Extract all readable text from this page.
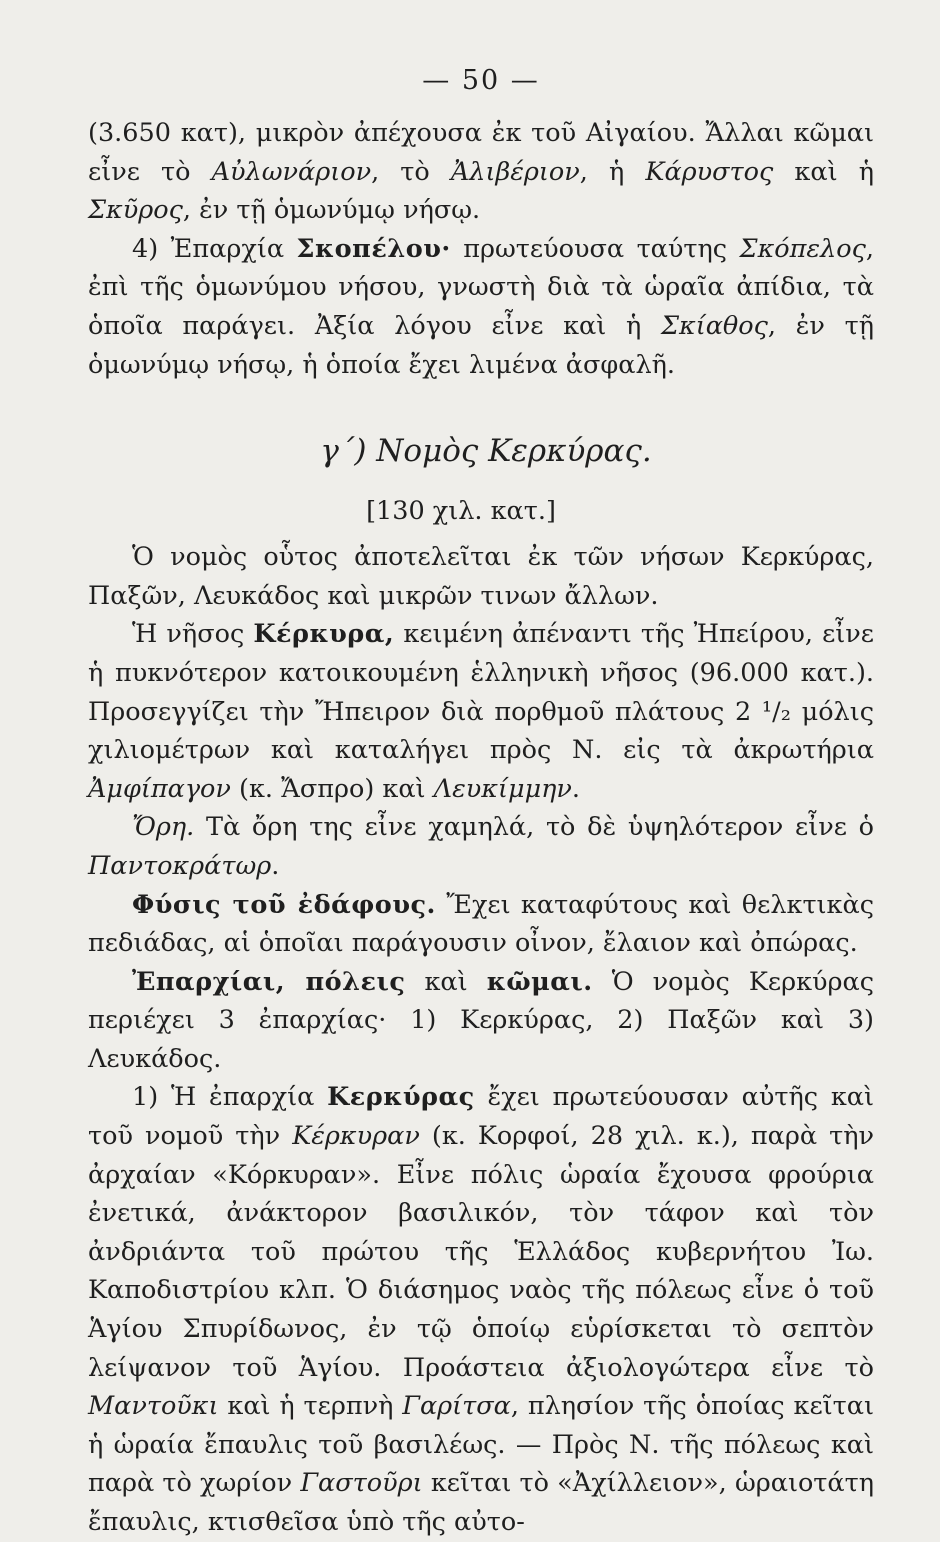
— 50 —

(3.650 κατ), μικρὸν ἀπέχουσα ἐκ τοῦ Αἰγαίου. Ἄλλαι κῶμαι εἶνε τὸ Αὐλωνάριον, τὸ Ἀλιβέριον, ἡ Κάρυστος καὶ ἡ Σκῦρος, ἐν τῇ ὁμωνύμῳ νήσῳ.

4) Ἐπαρχία Σκοπέλου· πρωτεύουσα ταύτης Σκόπελος, ἐπὶ τῆς ὁμωνύμου νήσου, γνωστὴ διὰ τὰ ὡραῖα ἀπίδια, τὰ ὁποῖα παράγει. Ἀξία λόγου εἶνε καὶ ἡ Σκίαθος, ἐν τῇ ὁμωνύμῳ νήσῳ, ἡ ὁποία ἔχει λιμένα ἀσφαλῆ.

γ΄) Νομὸς Κερκύρας.
[130 χιλ. κατ.]

Ὁ νομὸς οὗτος ἀποτελεῖται ἐκ τῶν νήσων Κερκύρας, Παξῶν, Λευκάδος καὶ μικρῶν τινων ἄλλων.

Ἡ νῆσος Κέρκυρα, κειμένη ἀπέναντι τῆς Ἠπείρου, εἶνε ἡ πυκνότερον κατοικουμένη ἑλληνικὴ νῆσος (96.000 κατ.). Προσεγγίζει τὴν Ἤπειρον διὰ πορθμοῦ πλάτους 2 ¹/₂ μόλις χιλιομέτρων καὶ καταλήγει πρὸς Ν. εἰς τὰ ἀκρωτήρια Ἀμφίπαγον (κ. Ἄσπρο) καὶ Λευκίμμην.

Ὄρη. Τὰ ὄρη της εἶνε χαμηλά, τὸ δὲ ὑψηλότερον εἶνε ὁ Παντοκράτωρ.

Φύσις τοῦ ἐδάφους. Ἔχει καταφύτους καὶ θελκτικὰς πεδιάδας, αἱ ὁποῖαι παράγουσιν οἶνον, ἔλαιον καὶ ὀπώρας.

Ἐπαρχίαι, πόλεις καὶ κῶμαι. Ὁ νομὸς Κερκύρας περιέχει 3 ἐπαρχίας· 1) Κερκύρας, 2) Παξῶν καὶ 3) Λευκάδος.

1) Ἡ ἐπαρχία Κερκύρας ἔχει πρωτεύουσαν αὐτῆς καὶ τοῦ νομοῦ τὴν Κέρκυραν (κ. Κορφοί, 28 χιλ. κ.), παρὰ τὴν ἀρχαίαν «Κόρκυραν». Εἶνε πόλις ὡραία ἔχουσα φρούρια ἐνετικά, ἀνάκτορον βασιλικόν, τὸν τάφον καὶ τὸν ἀνδριάντα τοῦ πρώτου τῆς Ἑλλάδος κυβερνήτου Ἰω. Καποδιστρίου κλπ. Ὁ διάσημος ναὸς τῆς πόλεως εἶνε ὁ τοῦ Ἁγίου Σπυρίδωνος, ἐν τῷ ὁποίῳ εὑρίσκεται τὸ σεπτὸν λείψανον τοῦ Ἁγίου. Προάστεια ἀξιολογώτερα εἶνε τὸ Μαντοῦκι καὶ ἡ τερπνὴ Γαρίτσα, πλησίον τῆς ὁποίας κεῖται ἡ ὡραία ἔπαυλις τοῦ βασιλέως. — Πρὸς Ν. τῆς πόλεως καὶ παρὰ τὸ χωρίον Γαστοῦρι κεῖται τὸ «Ἀχίλλειον», ὡραιοτάτη ἔπαυλις, κτισθεῖσα ὑπὸ τῆς αὐτο-
